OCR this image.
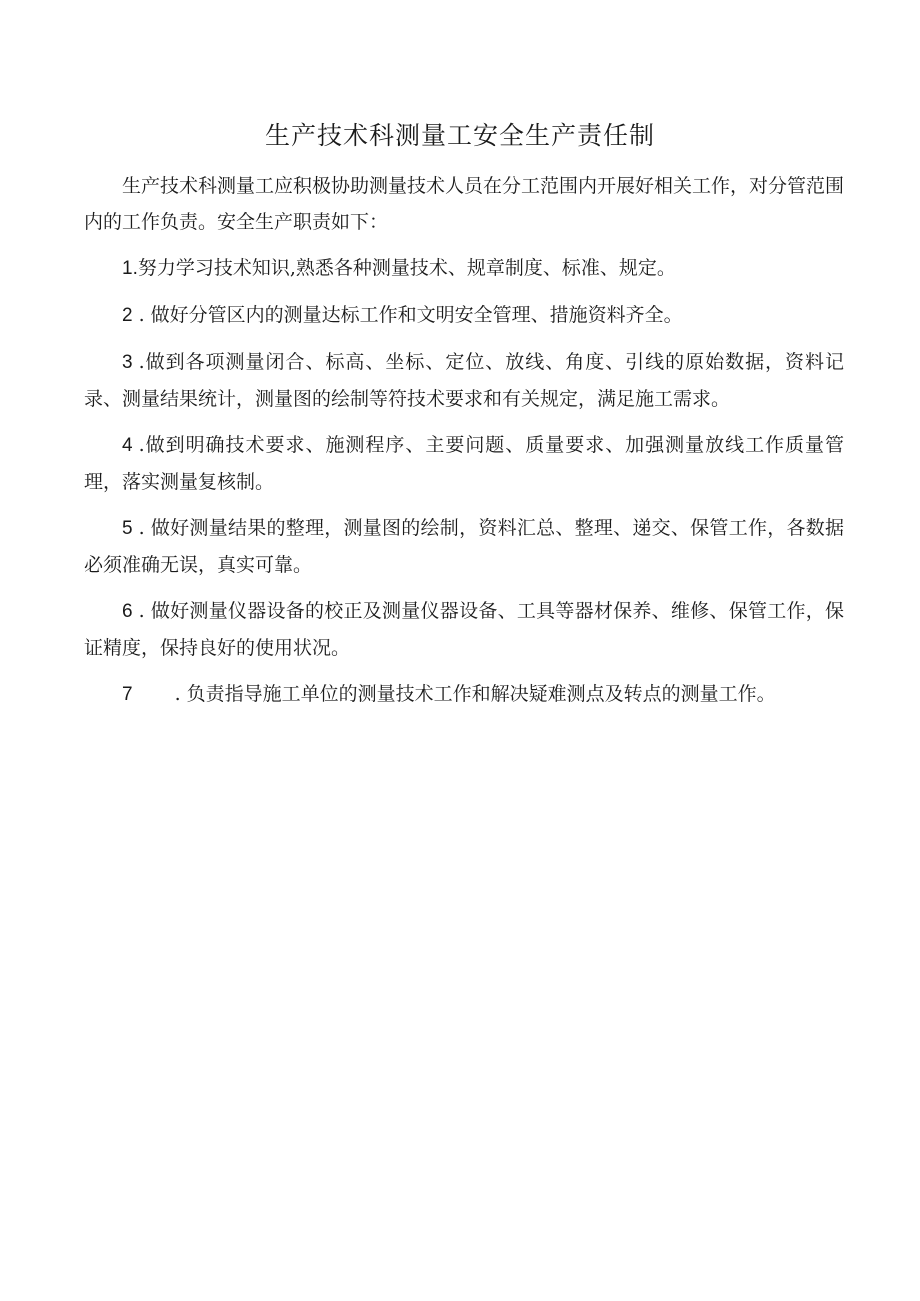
生产技术科测量工安全生产责任制

生产技术科测量工应积极协助测量技术人员在分工范围内开展好相关工作，对分管范围内的工作负责。安全生产职责如下：

1.努力学习技术知识,熟悉各种测量技术、规章制度、标准、规定。

2 . 做好分管区内的测量达标工作和文明安全管理、措施资料齐全。

3 .做到各项测量闭合、标高、坐标、定位、放线、角度、引线的原始数据，资料记录、测量结果统计，测量图的绘制等符技术要求和有关规定，满足施工需求。

4 .做到明确技术要求、施测程序、主要问题、质量要求、加强测量放线工作质量管理，落实测量复核制。

5 . 做好测量结果的整理，测量图的绘制，资料汇总、整理、递交、保管工作，各数据必须准确无误，真实可靠。

6 . 做好测量仪器设备的校正及测量仪器设备、工具等器材保养、维修、保管工作，保证精度，保持良好的使用状况。

7 . 负责指导施工单位的测量技术工作和解决疑难测点及转点的测量工作。
